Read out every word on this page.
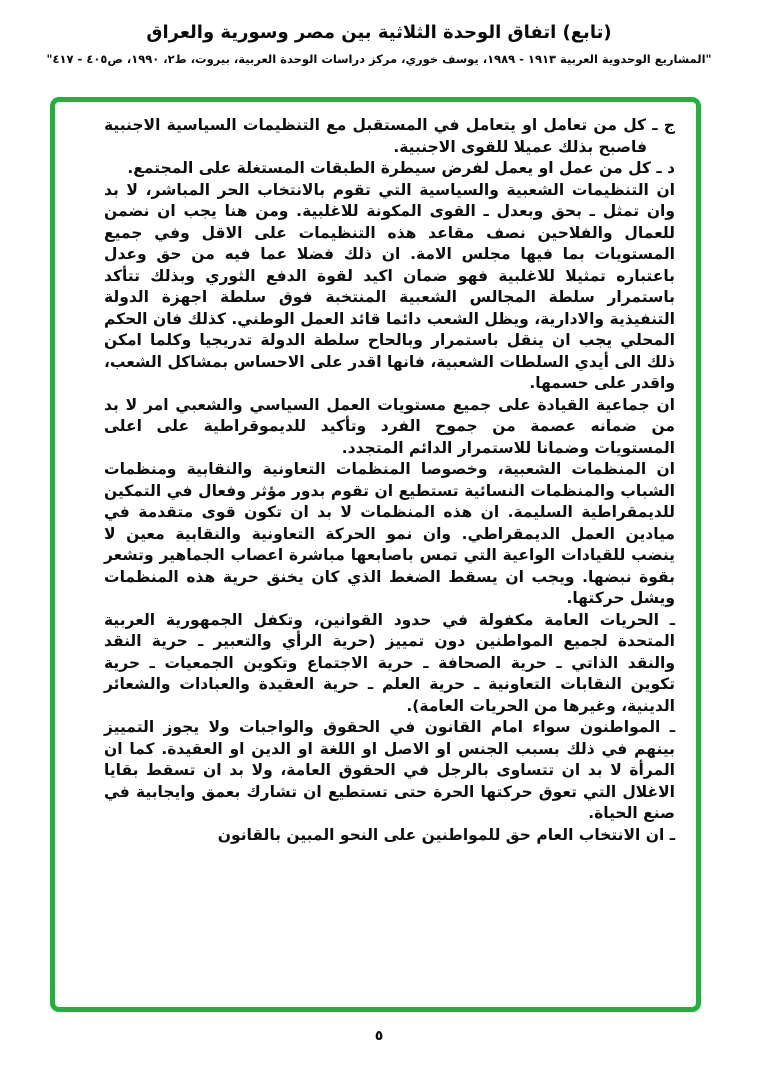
(تابع) اتفاق الوحدة الثلاثية بين مصر وسورية والعراق
"المشاريع الوحدوية العربية ١٩١٣ - ١٩٨٩، يوسف خوري، مركز دراسات الوحدة العربية، بيروت، ط٢، ١٩٩٠، ص٤٠٥ - ٤١٧"

ج ـ كل من تعامل او يتعامل في المستقبل مع التنظيمات السياسية الاجنبية فاصبح بذلك عميلا للقوى الاجنبية.

د ـ كل من عمل او يعمل لفرض سيطرة الطبقات المستغلة على المجتمع.

ان التنظيمات الشعبية والسياسية التي تقوم بالانتخاب الحر المباشر، لا بد وان تمثل ـ بحق وبعدل ـ القوى المكونة للاغلبية. ومن هنا يجب ان نضمن للعمال والفلاحين نصف مقاعد هذه التنظيمات على الاقل وفي جميع المستويات بما فيها مجلس الامة. ان ذلك فضلا عما فيه من حق وعدل باعتباره تمثيلا للاغلبية فهو ضمان اكيد لقوة الدفع الثوري وبذلك تتأكد باستمرار سلطة المجالس الشعبية المنتخبة فوق سلطة اجهزة الدولة التنفيذية والادارية، ويظل الشعب دائما قائد العمل الوطني. كذلك فان الحكم المحلي يجب ان ينقل باستمرار وبالحاح سلطة الدولة تدريجيا وكلما امكن ذلك الى أيدي السلطات الشعبية، فانها اقدر على الاحساس بمشاكل الشعب، واقدر على حسمها.

ان جماعية القيادة على جميع مستويات العمل السياسي والشعبي امر لا بد من ضمانه عصمة من جموح الفرد وتأكيد للديموقراطية على اعلى المستويات وضمانا للاستمرار الدائم المتجدد.

ان المنظمات الشعبية، وخصوصا المنظمات التعاونية والنقابية ومنظمات الشباب والمنظمات النسائية تستطيع ان تقوم بدور مؤثر وفعال في التمكين للديمقراطية السليمة. ان هذه المنظمات لا بد ان تكون قوى متقدمة في ميادين العمل الديمقراطي. وان نمو الحركة التعاونية والنقابية معين لا ينضب للقيادات الواعية التي تمس باصابعها مباشرة اعصاب الجماهير وتشعر بقوة نبضها. ويجب ان يسقط الضغط الذي كان يخنق حرية هذه المنظمات ويشل حركتها.

ـ الحريات العامة مكفولة في حدود القوانين، وتكفل الجمهورية العربية المتحدة لجميع المواطنين دون تمييز (حرية الرأي والتعبير ـ حرية النقد والنقد الذاتي ـ حرية الصحافة ـ حرية الاجتماع وتكوين الجمعيات ـ حرية تكوين النقابات التعاونية ـ حرية العلم ـ حرية العقيدة والعبادات والشعائر الدينية، وغيرها من الحريات العامة).

ـ المواطنون سواء امام القانون في الحقوق والواجبات ولا يجوز التمييز بينهم في ذلك بسبب الجنس او الاصل او اللغة او الدين او العقيدة. كما ان المرأة لا بد ان تتساوى بالرجل في الحقوق العامة، ولا بد ان تسقط بقايا الاغلال التي تعوق حركتها الحرة حتى تستطيع ان تشارك بعمق وايجابية في صنع الحياة.

ـ ان الانتخاب العام حق للمواطنين على النحو المبين بالقانون

٥
